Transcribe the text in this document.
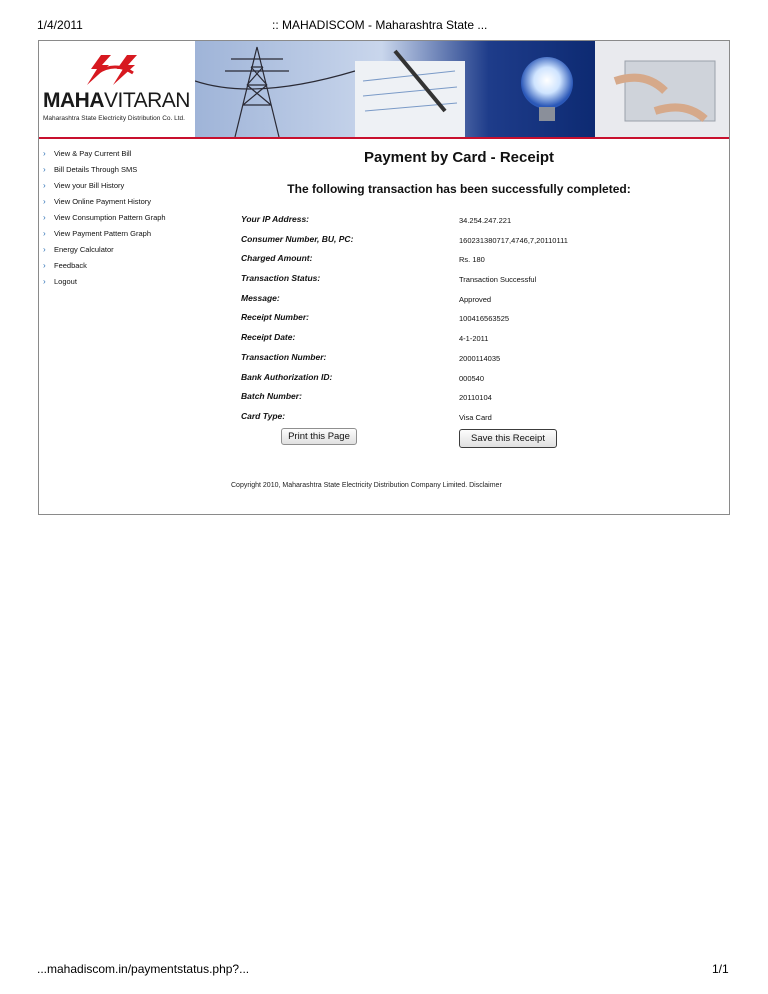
1/4/2011	:: MAHADISCOM - Maharashtra State ...
MAHAVITARAN
Maharashtra State Electricity Distribution Co. Ltd.
›	View & Pay Current Bill
›	Bill Details Through SMS
›	View your Bill History
›	View Online Payment History
›	View Consumption Pattern Graph
›	View Payment Pattern Graph
›	Energy Calculator
›	Feedback
›	Logout
Payment by Card - Receipt
The following transaction has been successfully completed:
Your IP Address:	34.254.247.221
Consumer Number, BU, PC:	160231380717,4746,7,20110111
Charged Amount:	Rs. 180
Transaction Status:	Transaction Successful
Message:	Approved
Receipt Number:	100416563525
Receipt Date:	4-1-2011
Transaction Number:	2000114035
Bank Authorization ID:	000540
Batch Number:	20110104
Card Type:	Visa Card
Print this Page	Save this Receipt
Copyright 2010, Maharashtra State Electricity Distribution Company Limited. Disclaimer
...mahadiscom.in/paymentstatus.php?...	1/1
